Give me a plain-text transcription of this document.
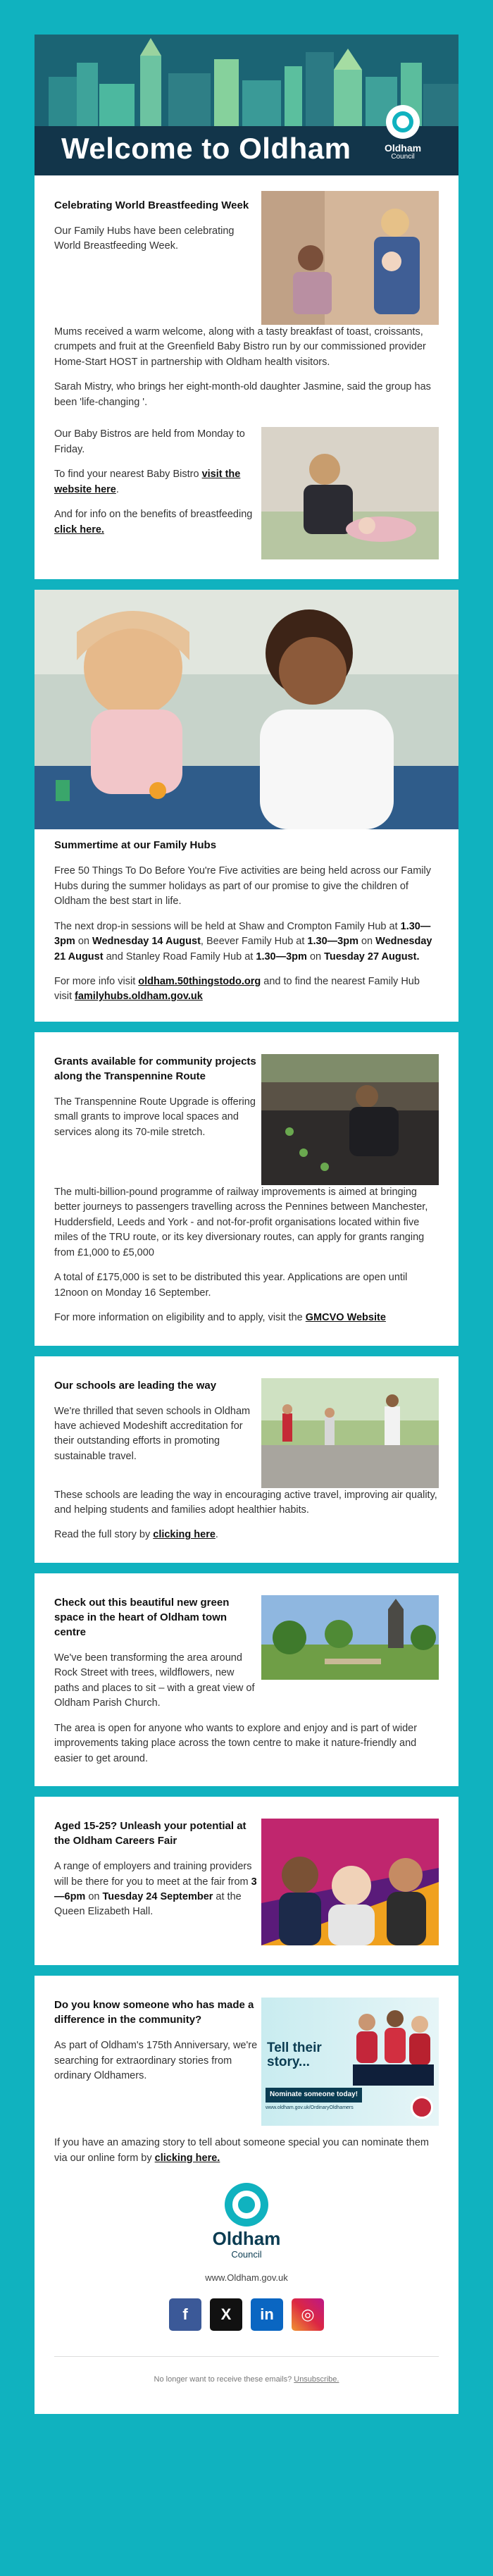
Welcome to Oldham	Oldham
Council
Celebrating World Breastfeeding Week

Our Family Hubs have been celebrating World Breastfeeding Week.

Mums received a warm welcome, along with a tasty breakfast of toast, croissants, crumpets and fruit at the Greenfield Baby Bistro run by our commissioned provider Home-Start HOST in partnership with Oldham health visitors.

Sarah Mistry, who brings her eight-month-old daughter Jasmine, said the group has been 'life-changing '.

Our Baby Bistros are held from Monday to Friday.

To find your nearest Baby Bistro visit the website here.

And for info on the benefits of breastfeeding click here.

Summertime at our Family Hubs

Free 50 Things To Do Before You're Five activities are being held across our Family Hubs during the summer holidays as part of our promise to give the children of Oldham the best start in life.

The next drop-in sessions will be held at Shaw and Crompton Family Hub at 1.30—3pm on Wednesday 14 August, Beever Family Hub at 1.30—3pm on Wednesday 21 August and Stanley Road Family Hub at 1.30—3pm on Tuesday 27 August.

For more info visit oldham.50thingstodo.org and to find the nearest Family Hub visit familyhubs.oldham.gov.uk

Grants available for community projects along the Transpennine Route

The Transpennine Route Upgrade is offering small grants to improve local spaces and services along its 70-mile stretch.

The multi-billion-pound programme of railway improvements is aimed at bringing better journeys to passengers travelling across the Pennines between Manchester, Huddersfield, Leeds and York - and not-for-profit organisations located within five miles of the TRU route, or its key diversionary routes, can apply for grants ranging from £1,000 to £5,000

A total of £175,000 is set to be distributed this year. Applications are open until 12noon on Monday 16 September.

For more information on eligibility and to apply, visit the GMCVO Website

Our schools are leading the way

We're thrilled that seven schools in Oldham have achieved Modeshift accreditation for their outstanding efforts in promoting sustainable travel.

These schools are leading the way in encouraging active travel, improving air quality, and helping students and families adopt healthier habits.

Read the full story by clicking here.

Check out this beautiful new green space in the heart of Oldham town centre

We've been transforming the area around Rock Street with trees, wildflowers, new paths and places to sit – with a great view of Oldham Parish Church.

The area is open for anyone who wants to explore and enjoy and is part of wider improvements taking place across the town centre to make it nature-friendly and easier to get around.

Aged 15-25? Unleash your potential at the Oldham Careers Fair

A range of employers and training providers will be there for you to meet at the fair from 3—6pm on Tuesday 24 September at the Queen Elizabeth Hall.

Do you know someone who has made a difference in the community?

As part of Oldham's 175th Anniversary, we're searching for extraordinary stories from ordinary Oldhamers.

Tell their
story...
Nominate someone today!
www.oldham.gov.uk/OrdinaryOldhamers

If you have an amazing story to tell about someone special you can nominate them via our online form by clicking here.

Oldham
Council
www.Oldham.gov.uk
f	X	in	◎
No longer want to receive these emails? Unsubscribe.
